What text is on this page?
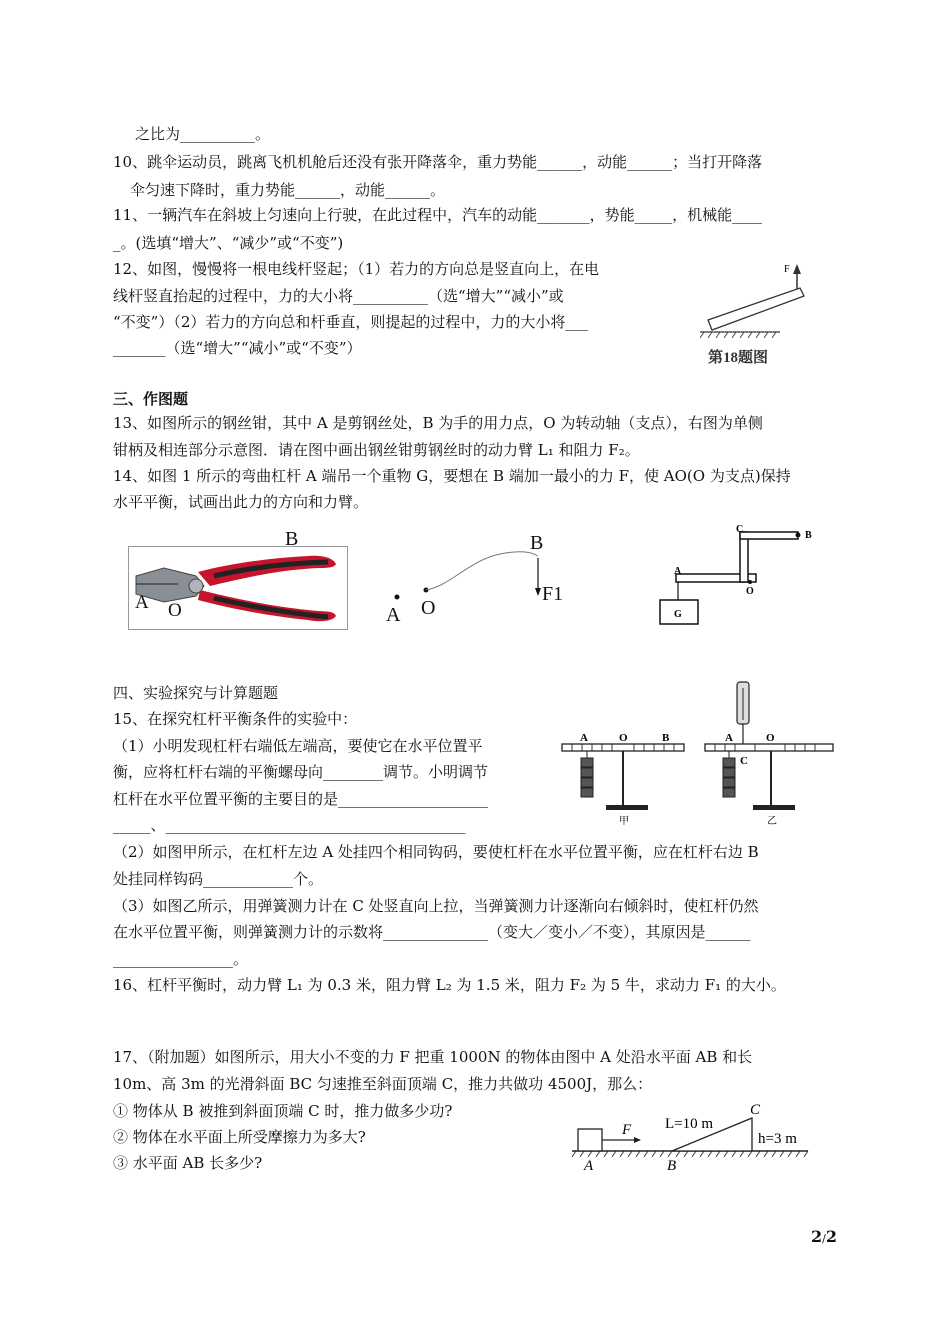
之比为__________。
10、跳伞运动员，跳离飞机机舱后还没有张开降落伞，重力势能______，动能______；当打开降落
伞匀速下降时，重力势能______，动能______。
11、一辆汽车在斜坡上匀速向上行驶，在此过程中，汽车的动能_______，势能_____，机械能____
_。(选填“增大”、“减少”或“不变”)
12、如图，慢慢将一根电线杆竖起；（1）若力的方向总是竖直向上，在电
线杆竖直抬起的过程中，力的大小将__________（选“增大”“减小”或
“不变”）（2）若力的方向总和杆垂直，则提起的过程中，力的大小将___
_______（选“增大”“减小”或“不变”）
三、作图题
13、如图所示的钢丝钳，其中 A 是剪钢丝处，B 为手的用力点，O 为转动轴（支点），右图为单侧
钳柄及相连部分示意图．请在图中画出钢丝钳剪钢丝时的动力臂 L₁ 和阻力 F₂。
14、如图 1 所示的弯曲杠杆 A 端吊一个重物 G，要想在 B 端加一最小的力 F，使 AO(O 为支点)保持
水平平衡，试画出此力的方向和力臂。
四、实验探究与计算题题
15、在探究杠杆平衡条件的实验中：
（1）小明发现杠杆右端低左端高，要使它在水平位置平
衡，应将杠杆右端的平衡螺母向________调节。小明调节
杠杆在水平位置平衡的主要目的是____________________
_____、________________________________________
（2）如图甲所示，在杠杆左边 A 处挂四个相同钩码，要使杠杆在水平位置平衡，应在杠杆右边 B
处挂同样钩码____________个。
（3）如图乙所示，用弹簧测力计在 C 处竖直向上拉，当弹簧测力计逐渐向右倾斜时，使杠杆仍然
在水平位置平衡，则弹簧测力计的示数将______________（变大／变小／不变），其原因是______
________________。
16、杠杆平衡时，动力臂 L₁ 为 0.3 米，阻力臂 L₂ 为 1.5 米，阻力 F₂ 为 5 牛，求动力 F₁ 的大小。
17、（附加题）如图所示，用大小不变的力 F 把重 1000N 的物体由图中 A 处沿水平面 AB 和长
10m、高 3m 的光滑斜面 BC 匀速推至斜面顶端 C，推力共做功 4500J，那么：
① 物体从 B 被推到斜面顶端 C 时，推力做多少功?
② 物体在水平面上所受摩擦力为多大?
③ 水平面 AB 长多少?
F
第18题图
B
A O
B
F1
A O
C
B
A
O
G
A	O	B
甲
A	O
C
乙
F L=10 m
C
h=3 m
A	B
2/2
